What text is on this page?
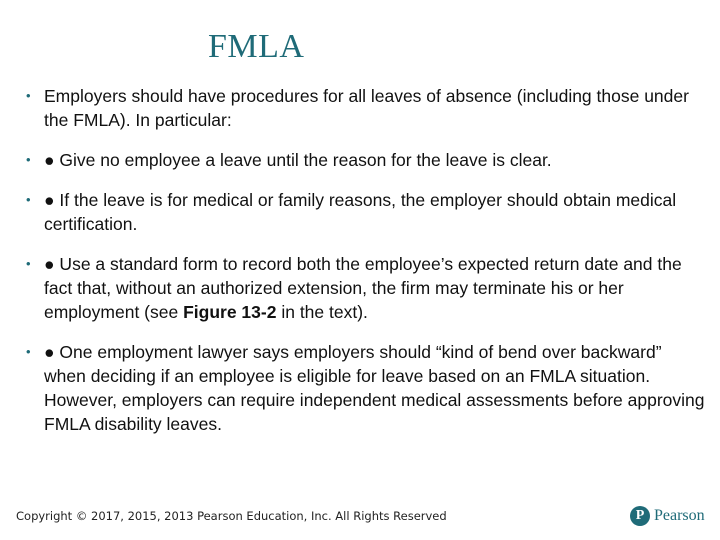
FMLA
• Employers should have procedures for all leaves of absence (including those under the FMLA). In particular:
• ● Give no employee a leave until the reason for the leave is clear.
• ● If the leave is for medical or family reasons, the employer should obtain medical certification.
• ● Use a standard form to record both the employee’s expected return date and the fact that, without an authorized extension, the firm may terminate his or her employment (see Figure 13-2 in the text).
• ● One employment lawyer says employers should “kind of bend over backward” when deciding if an employee is eligible for leave based on an FMLA situation. However, employers can require independent medical assessments before approving FMLA disability leaves.
Copyright © 2017, 2015, 2013 Pearson Education, Inc. All Rights Reserved	P Pearson
